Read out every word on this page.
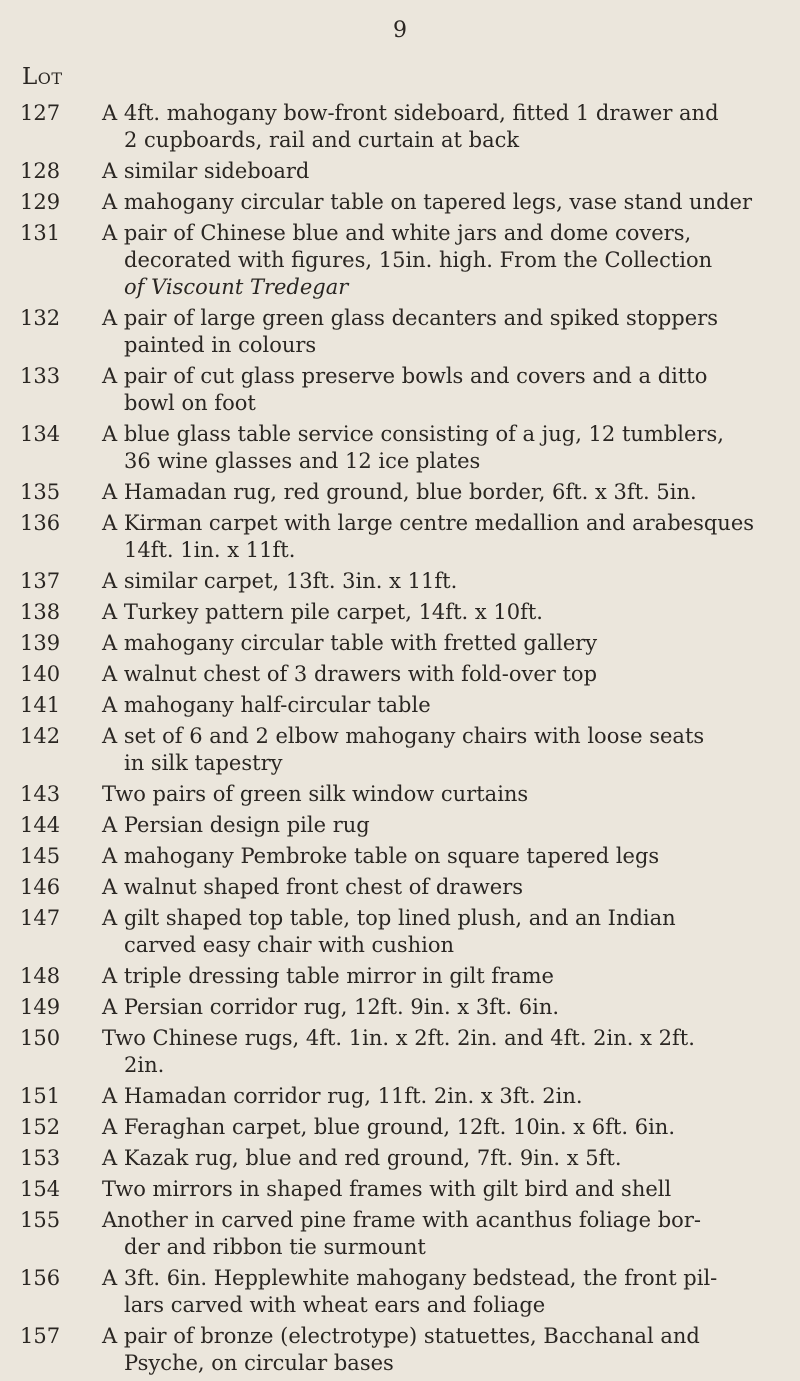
9
Lot
127	A 4ft. mahogany bow-front sideboard, fitted 1 drawer and
2 cupboards, rail and curtain at back
128	A similar sideboard
129	A mahogany circular table on tapered legs, vase stand under
131	A pair of Chinese blue and white jars and dome covers,
decorated with figures, 15in. high. From the Collection
of Viscount Tredegar
132	A pair of large green glass decanters and spiked stoppers
painted in colours
133	A pair of cut glass preserve bowls and covers and a ditto
bowl on foot
134	A blue glass table service consisting of a jug, 12 tumblers,
36 wine glasses and 12 ice plates
135	A Hamadan rug, red ground, blue border, 6ft. x 3ft. 5in.
136	A Kirman carpet with large centre medallion and arabesques
14ft. 1in. x 11ft.
137	A similar carpet, 13ft. 3in. x 11ft.
138	A Turkey pattern pile carpet, 14ft. x 10ft.
139	A mahogany circular table with fretted gallery
140	A walnut chest of 3 drawers with fold-over top
141	A mahogany half-circular table
142	A set of 6 and 2 elbow mahogany chairs with loose seats
in silk tapestry
143	Two pairs of green silk window curtains
144	A Persian design pile rug
145	A mahogany Pembroke table on square tapered legs
146	A walnut shaped front chest of drawers
147	A gilt shaped top table, top lined plush, and an Indian
carved easy chair with cushion
148	A triple dressing table mirror in gilt frame
149	A Persian corridor rug, 12ft. 9in. x 3ft. 6in.
150	Two Chinese rugs, 4ft. 1in. x 2ft. 2in. and 4ft. 2in. x 2ft.
2in.
151	A Hamadan corridor rug, 11ft. 2in. x 3ft. 2in.
152	A Feraghan carpet, blue ground, 12ft. 10in. x 6ft. 6in.
153	A Kazak rug, blue and red ground, 7ft. 9in. x 5ft.
154	Two mirrors in shaped frames with gilt bird and shell
155	Another in carved pine frame with acanthus foliage bor-
der and ribbon tie surmount
156	A 3ft. 6in. Hepplewhite mahogany bedstead, the front pil-
lars carved with wheat ears and foliage
157	A pair of bronze (electrotype) statuettes, Bacchanal and
Psyche, on circular bases
